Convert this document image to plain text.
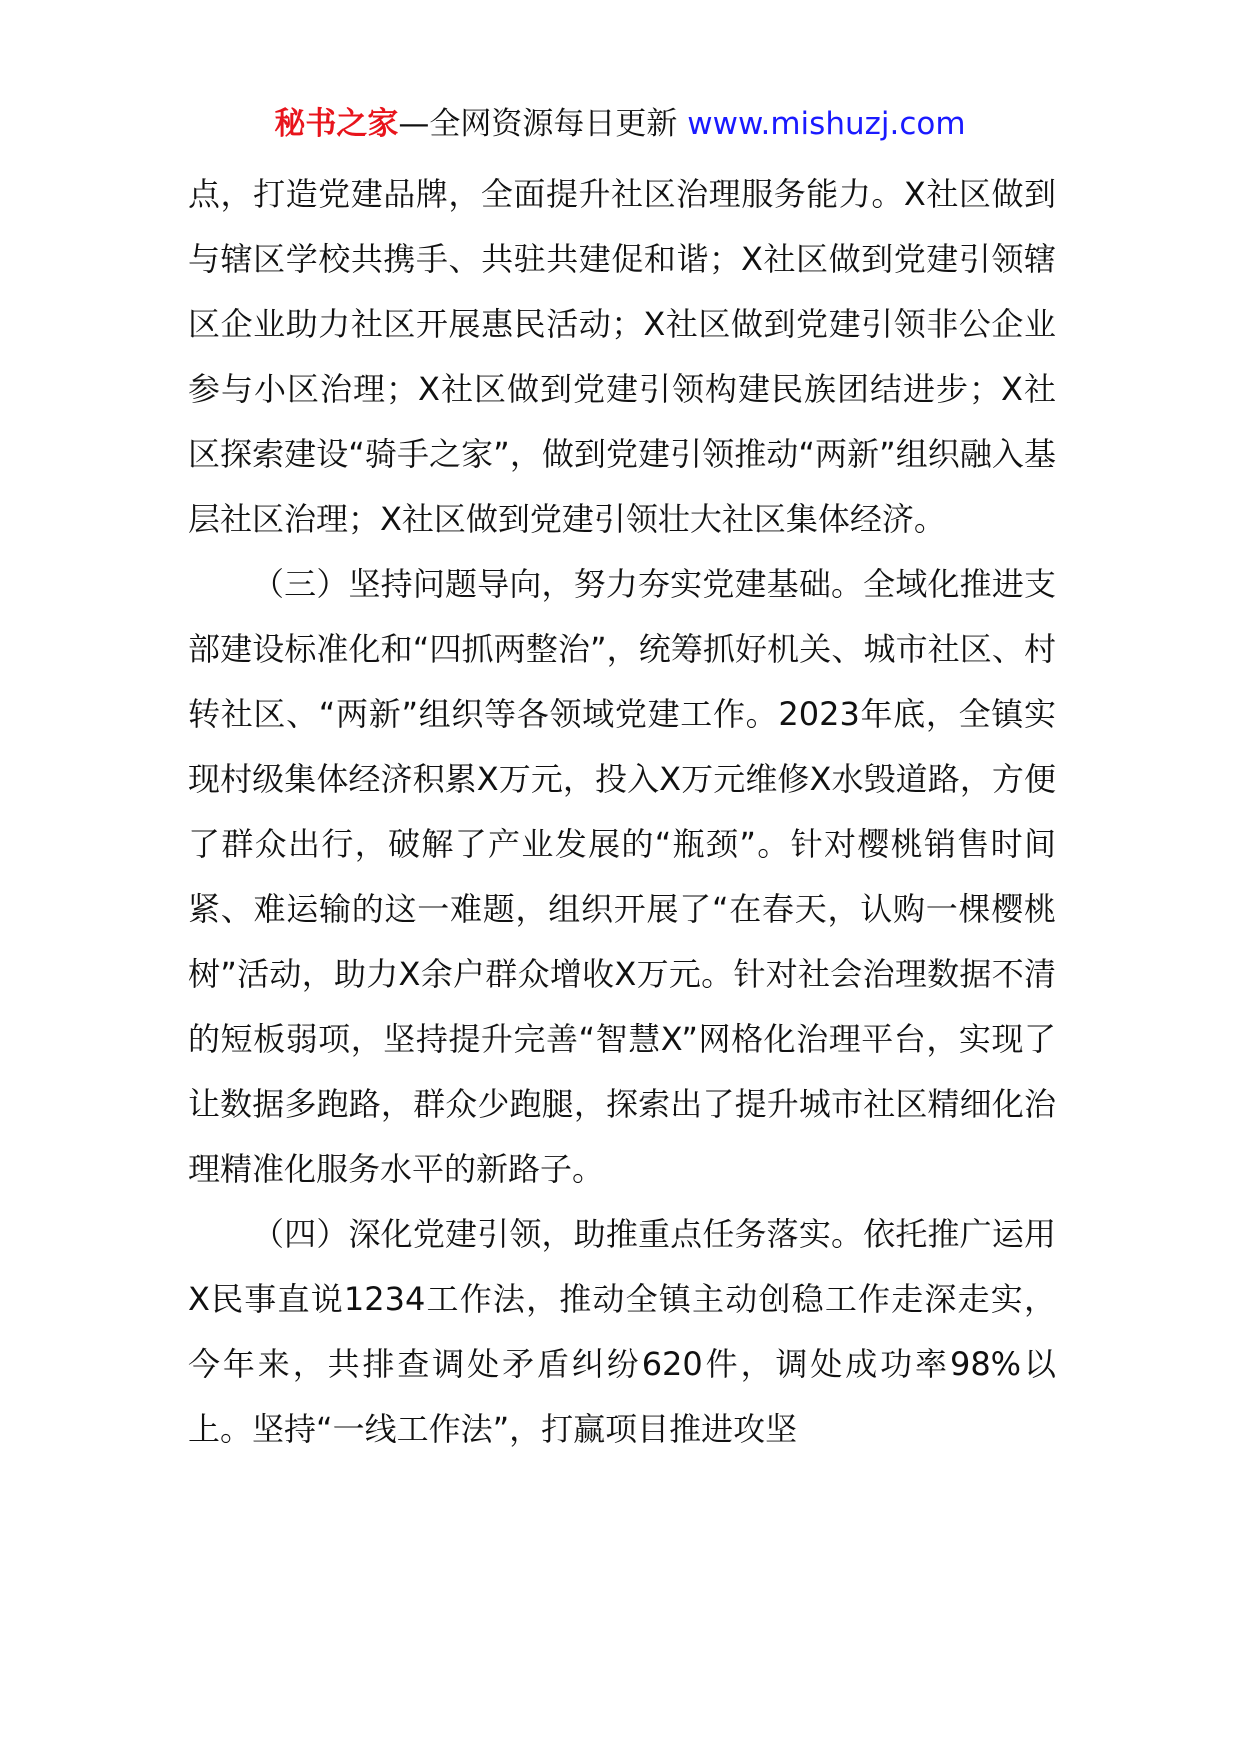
秘书之家—全网资源每日更新 www.mishuzj.com

点，打造党建品牌，全面提升社区治理服务能力。X社区做到与辖区学校共携手、共驻共建促和谐；X社区做到党建引领辖区企业助力社区开展惠民活动；X社区做到党建引领非公企业参与小区治理；X社区做到党建引领构建民族团结进步；X社区探索建设“骑手之家”，做到党建引领推动“两新”组织融入基层社区治理；X社区做到党建引领壮大社区集体经济。

（三）坚持问题导向，努力夯实党建基础。全域化推进支部建设标准化和“四抓两整治”，统筹抓好机关、城市社区、村转社区、“两新”组织等各领域党建工作。2023年底，全镇实现村级集体经济积累X万元，投入X万元维修X水毁道路，方便了群众出行，破解了产业发展的“瓶颈”。针对樱桃销售时间紧、难运输的这一难题，组织开展了“在春天，认购一棵樱桃树”活动，助力X余户群众增收X万元。针对社会治理数据不清的短板弱项，坚持提升完善“智慧X”网格化治理平台，实现了让数据多跑路，群众少跑腿，探索出了提升城市社区精细化治理精准化服务水平的新路子。

（四）深化党建引领，助推重点任务落实。依托推广运用X民事直说1234工作法，推动全镇主动创稳工作走深走实，今年来，共排查调处矛盾纠纷620件，调处成功率98%以上。坚持“一线工作法”，打赢项目推进攻坚
